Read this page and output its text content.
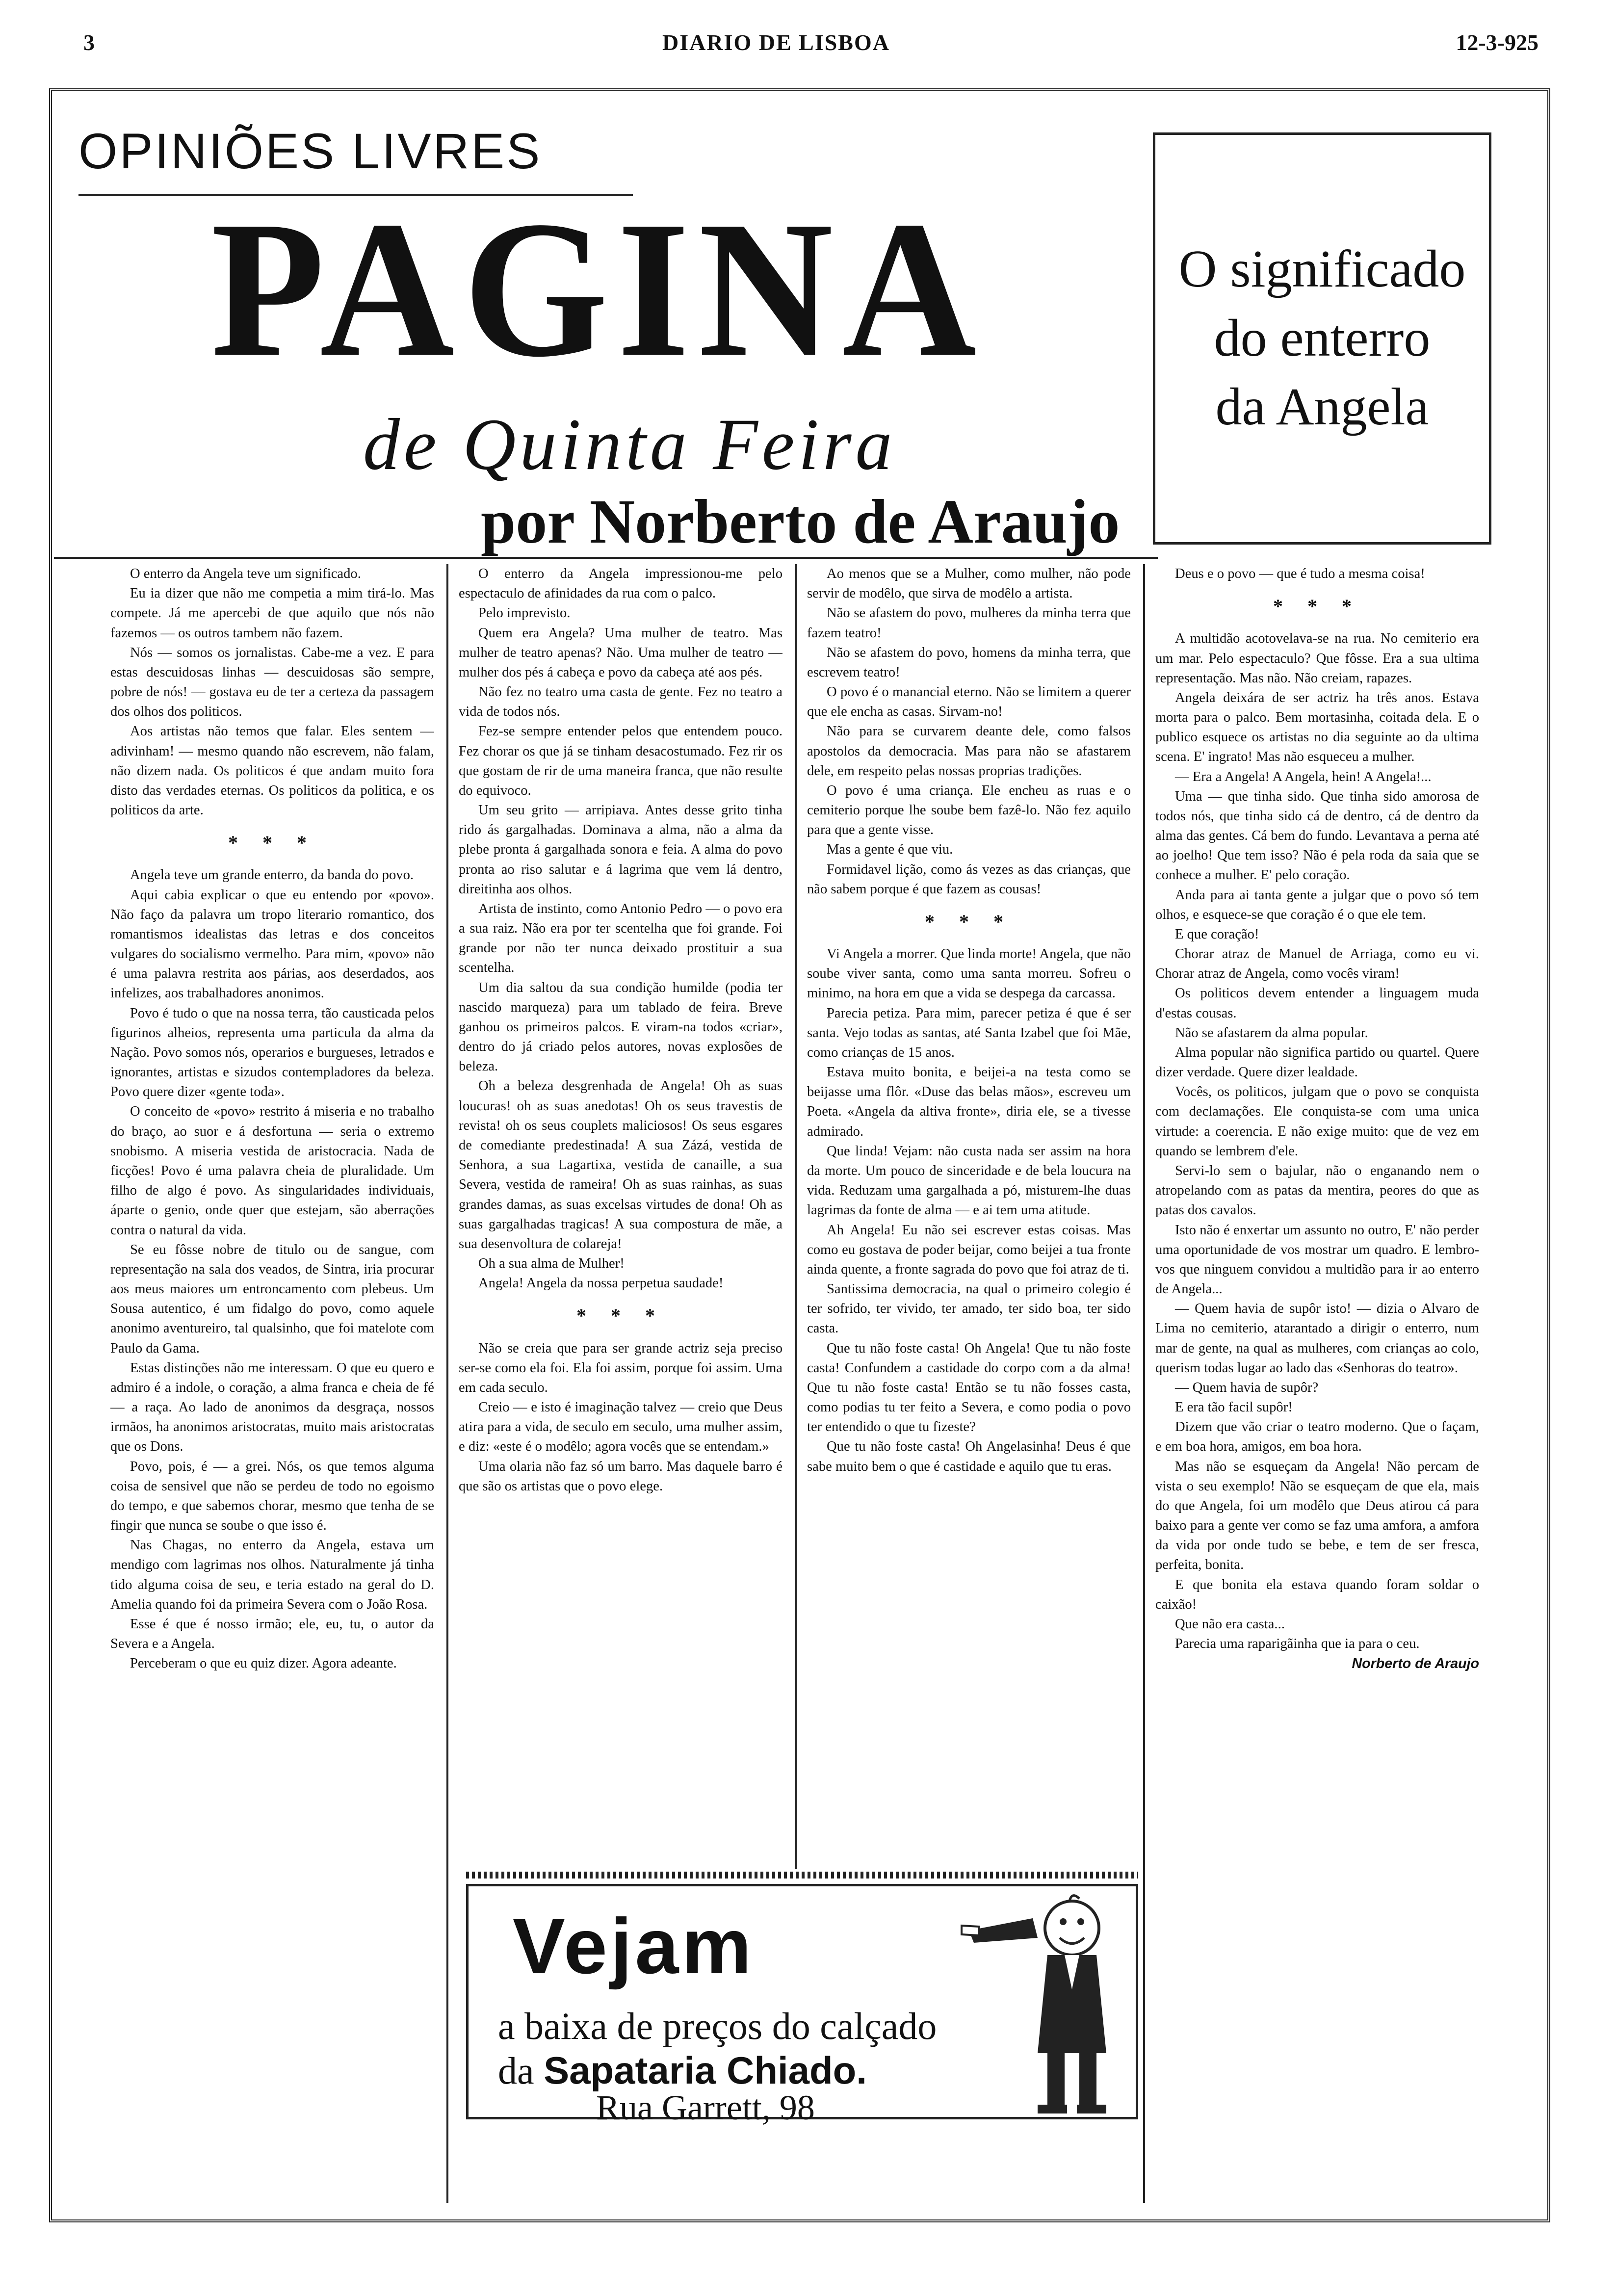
3	DIARIO DE LISBOA	12-3-925
OPINIÕES LIVRES
PAGINA
de Quinta Feira
por Norberto de Araujo
O significado
do enterro
da Angela

O enterro da Angela teve um significado.

Eu ia dizer que não me competia a mim tirá-lo. Mas compete. Já me apercebi de que aquilo que nós não fazemos — os outros tambem não fazem.

Nós — somos os jornalistas. Cabe-me a vez. E para estas descuidosas linhas — descuidosas são sempre, pobre de nós! — gostava eu de ter a certeza da passagem dos olhos dos politicos.

Aos artistas não temos que falar. Eles sentem — adivinham! — mesmo quando não escrevem, não falam, não dizem nada. Os politicos é que andam muito fora disto das verdades eternas. Os politicos da politica, e os politicos da arte.

* * *

Angela teve um grande enterro, da banda do povo.

Aqui cabia explicar o que eu entendo por «povo». Não faço da palavra um tropo literario romantico, dos romantismos idealistas das letras e dos conceitos vulgares do socialismo vermelho. Para mim, «povo» não é uma palavra restrita aos párias, aos deserdados, aos infelizes, aos trabalhadores anonimos.

Povo é tudo o que na nossa terra, tão causticada pelos figurinos alheios, representa uma particula da alma da Nação. Povo somos nós, operarios e burgueses, letrados e ignorantes, artistas e sizudos contempladores da beleza. Povo quere dizer «gente toda».

O conceito de «povo» restrito á miseria e no trabalho do braço, ao suor e á desfortuna — seria o extremo snobismo. A miseria vestida de aristocracia. Nada de ficções! Povo é uma palavra cheia de pluralidade. Um filho de algo é povo. As singularidades individuais, áparte o genio, onde quer que estejam, são aberrações contra o natural da vida.

Se eu fôsse nobre de titulo ou de sangue, com representação na sala dos veados, de Sintra, iria procurar aos meus maiores um entroncamento com plebeus. Um Sousa autentico, é um fidalgo do povo, como aquele anonimo aventureiro, tal qualsinho, que foi matelote com Paulo da Gama.

Estas distinções não me interessam. O que eu quero e admiro é a indole, o coração, a alma franca e cheia de fé — a raça. Ao lado de anonimos da desgraça, nossos irmãos, ha anonimos aristocratas, muito mais aristocratas que os Dons.

Povo, pois, é — a grei. Nós, os que temos alguma coisa de sensivel que não se perdeu de todo no egoismo do tempo, e que sabemos chorar, mesmo que tenha de se fingir que nunca se soube o que isso é.

Nas Chagas, no enterro da Angela, estava um mendigo com lagrimas nos olhos. Naturalmente já tinha tido alguma coisa de seu, e teria estado na geral do D. Amelia quando foi da primeira Severa com o João Rosa.

Esse é que é nosso irmão; ele, eu, tu, o autor da Severa e a Angela.

Perceberam o que eu quiz dizer. Agora adeante.

O enterro da Angela impressionou-me pelo espectaculo de afinidades da rua com o palco.

Pelo imprevisto.

Quem era Angela? Uma mulher de teatro. Mas mulher de teatro apenas? Não. Uma mulher de teatro — mulher dos pés á cabeça e povo da cabeça até aos pés.

Não fez no teatro uma casta de gente. Fez no teatro a vida de todos nós.

Fez-se sempre entender pelos que entendem pouco. Fez chorar os que já se tinham desacostumado. Fez rir os que gostam de rir de uma maneira franca, que não resulte do equivoco.

Um seu grito — arripiava. Antes desse grito tinha rido ás gargalhadas. Dominava a alma, não a alma da plebe pronta á gargalhada sonora e feia. A alma do povo pronta ao riso salutar e á lagrima que vem lá dentro, direitinha aos olhos.

Artista de instinto, como Antonio Pedro — o povo era a sua raiz. Não era por ter scentelha que foi grande. Foi grande por não ter nunca deixado prostituir a sua scentelha.

Um dia saltou da sua condição humilde (podia ter nascido marqueza) para um tablado de feira. Breve ganhou os primeiros palcos. E viram-na todos «criar», dentro do já criado pelos autores, novas explosões de beleza.

Oh a beleza desgrenhada de Angela! Oh as suas loucuras! oh as suas anedotas! Oh os seus travestis de revista! oh os seus couplets maliciosos! Os seus esgares de comediante predestinada! A sua Zázá, vestida de Senhora, a sua Lagartixa, vestida de canaille, a sua Severa, vestida de rameira! Oh as suas rainhas, as suas grandes damas, as suas excelsas virtudes de dona! Oh as suas gargalhadas tragicas! A sua compostura de mãe, a sua desenvoltura de colareja!

Oh a sua alma de Mulher!

Angela! Angela da nossa perpetua saudade!

* * *

Não se creia que para ser grande actriz seja preciso ser-se como ela foi. Ela foi assim, porque foi assim. Uma em cada seculo.

Creio — e isto é imaginação talvez — creio que Deus atira para a vida, de seculo em seculo, uma mulher assim, e diz: «este é o modêlo; agora vocês que se entendam.»

Uma olaria não faz só um barro. Mas daquele barro é que são os artistas que o povo elege.

Ao menos que se a Mulher, como mulher, não pode servir de modêlo, que sirva de modêlo a artista.

Não se afastem do povo, mulheres da minha terra que fazem teatro!

Não se afastem do povo, homens da minha terra, que escrevem teatro!

O povo é o manancial eterno. Não se limitem a querer que ele encha as casas. Sirvam-no!

Não para se curvarem deante dele, como falsos apostolos da democracia. Mas para não se afastarem dele, em respeito pelas nossas proprias tradições.

O povo é uma criança. Ele encheu as ruas e o cemiterio porque lhe soube bem fazê-lo. Não fez aquilo para que a gente visse.

Mas a gente é que viu.

Formidavel lição, como ás vezes as das crianças, que não sabem porque é que fazem as cousas!

* * *

Vi Angela a morrer. Que linda morte! Angela, que não soube viver santa, como uma santa morreu. Sofreu o minimo, na hora em que a vida se despega da carcassa.

Parecia petiza. Para mim, parecer petiza é que é ser santa. Vejo todas as santas, até Santa Izabel que foi Mãe, como crianças de 15 anos.

Estava muito bonita, e beijei-a na testa como se beijasse uma flôr. «Duse das belas mãos», escreveu um Poeta. «Angela da altiva fronte», diria ele, se a tivesse admirado.

Que linda! Vejam: não custa nada ser assim na hora da morte. Um pouco de sinceridade e de bela loucura na vida. Reduzam uma gargalhada a pó, misturem-lhe duas lagrimas da fonte de alma — e ai tem uma atitude.

Ah Angela! Eu não sei escrever estas coisas. Mas como eu gostava de poder beijar, como beijei a tua fronte ainda quente, a fronte sagrada do povo que foi atraz de ti.

Santissima democracia, na qual o primeiro colegio é ter sofrido, ter vivido, ter amado, ter sido boa, ter sido casta.

Que tu não foste casta! Oh Angela! Que tu não foste casta! Confundem a castidade do corpo com a da alma! Que tu não foste casta! Então se tu não fosses casta, como podias tu ter feito a Severa, e como podia o povo ter entendido o que tu fizeste?

Que tu não foste casta! Oh Angelasinha! Deus é que sabe muito bem o que é castidade e aquilo que tu eras.

Deus e o povo — que é tudo a mesma coisa!

* * *

A multidão acotovelava-se na rua. No cemiterio era um mar. Pelo espectaculo? Que fôsse. Era a sua ultima representação. Mas não. Não creiam, rapazes.

Angela deixára de ser actriz ha três anos. Estava morta para o palco. Bem mortasinha, coitada dela. E o publico esquece os artistas no dia seguinte ao da ultima scena. E' ingrato! Mas não esqueceu a mulher.

— Era a Angela! A Angela, hein! A Angela!...

Uma — que tinha sido. Que tinha sido amorosa de todos nós, que tinha sido cá de dentro, cá de dentro da alma das gentes. Cá bem do fundo. Levantava a perna até ao joelho! Que tem isso? Não é pela roda da saia que se conhece a mulher. E' pelo coração.

Anda para ai tanta gente a julgar que o povo só tem olhos, e esquece-se que coração é o que ele tem.

E que coração!

Chorar atraz de Manuel de Arriaga, como eu vi. Chorar atraz de Angela, como vocês viram!

Os politicos devem entender a linguagem muda d'estas cousas.

Não se afastarem da alma popular.

Alma popular não significa partido ou quartel. Quere dizer verdade. Quere dizer lealdade.

Vocês, os politicos, julgam que o povo se conquista com declamações. Ele conquista-se com uma unica virtude: a coerencia. E não exige muito: que de vez em quando se lembrem d'ele.

Servi-lo sem o bajular, não o enganando nem o atropelando com as patas da mentira, peores do que as patas dos cavalos.

Isto não é enxertar um assunto no outro, E' não perder uma oportunidade de vos mostrar um quadro. E lembro-vos que ninguem convidou a multidão para ir ao enterro de Angela...

— Quem havia de supôr isto! — dizia o Alvaro de Lima no cemiterio, atarantado a dirigir o enterro, num mar de gente, na qual as mulheres, com crianças ao colo, querism todas lugar ao lado das «Senhoras do teatro».

— Quem havia de supôr?

E era tão facil supôr!

Dizem que vão criar o teatro moderno. Que o façam, e em boa hora, amigos, em boa hora.

Mas não se esqueçam da Angela! Não percam de vista o seu exemplo! Não se esqueçam de que ela, mais do que Angela, foi um modêlo que Deus atirou cá para baixo para a gente ver como se faz uma amfora, a amfora da vida por onde tudo se bebe, e tem de ser fresca, perfeita, bonita.

E que bonita ela estava quando foram soldar o caixão!

Que não era casta...

Parecia uma raparigãinha que ia para o ceu.

Norberto de Araujo

Vejam
a baixa de preços do calçado
da Sapataria Chiado.
Rua Garrett, 98
